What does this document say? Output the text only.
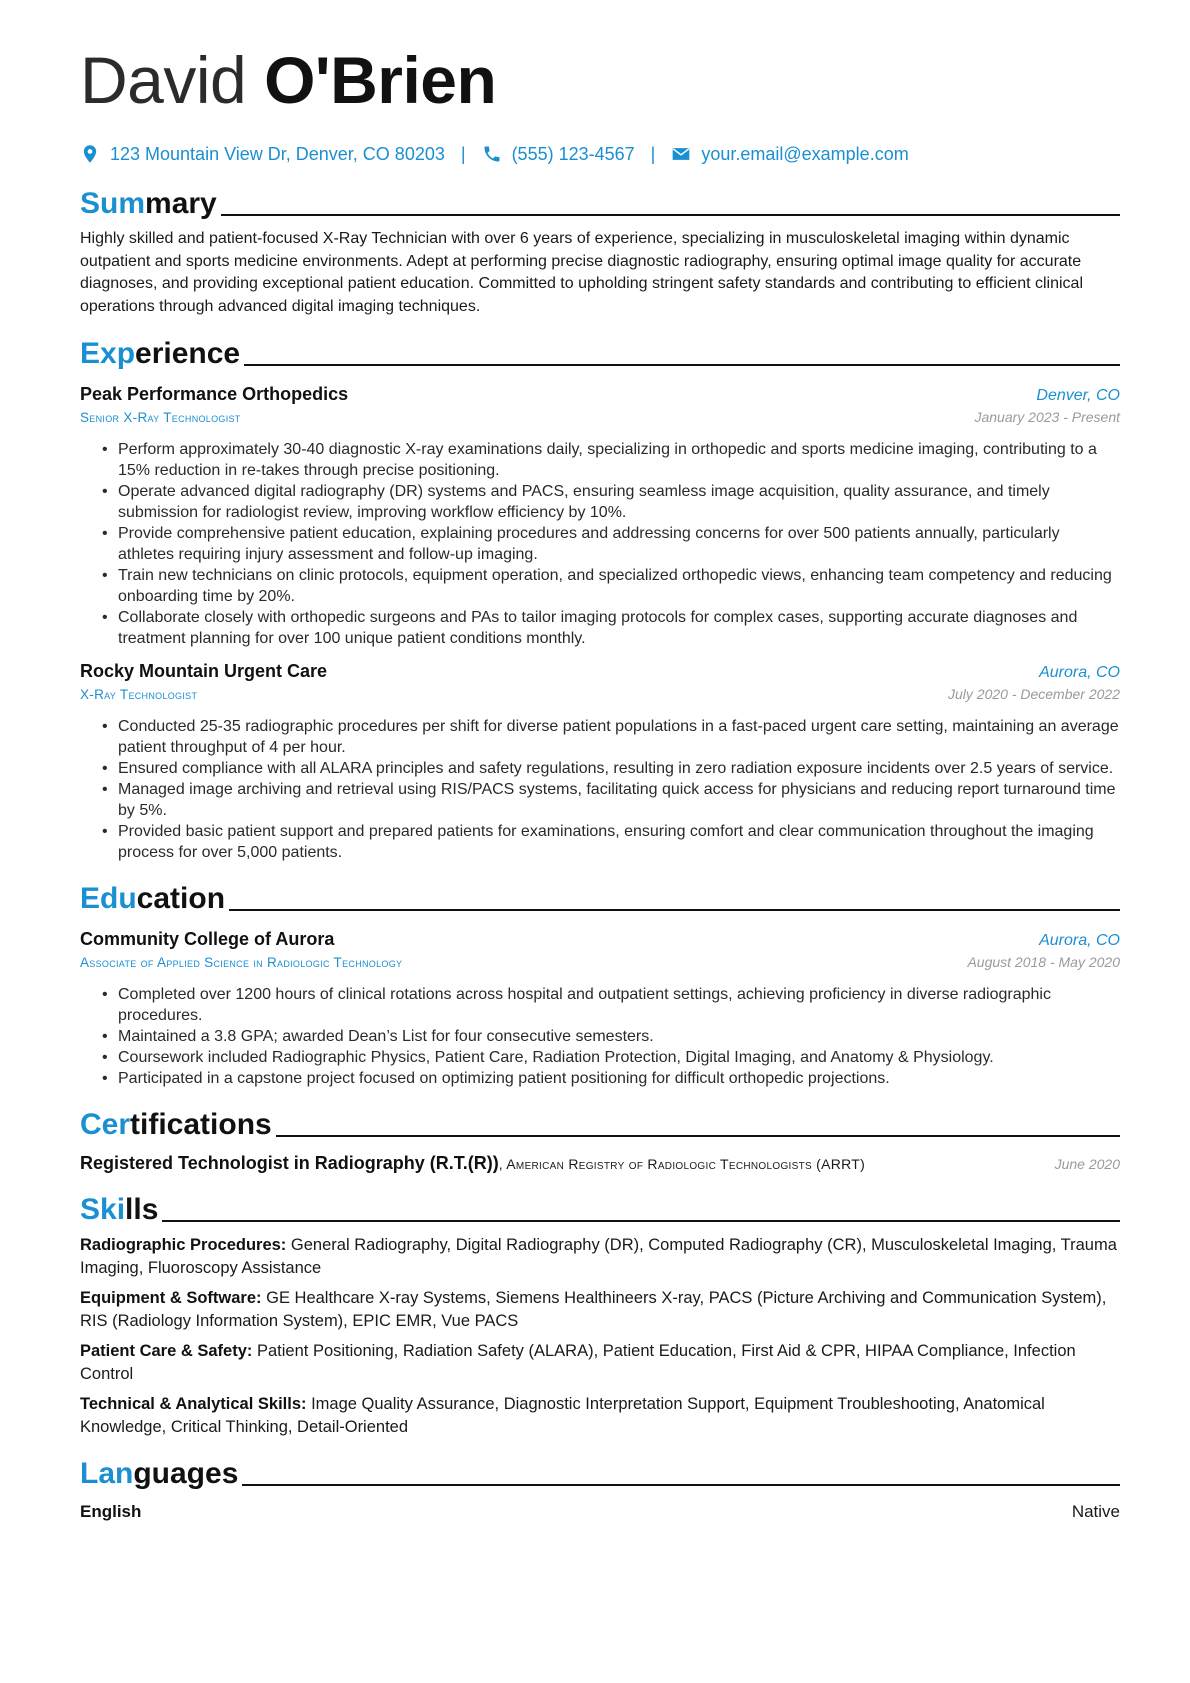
David O'Brien
123 Mountain View Dr, Denver, CO 80203 |	(555) 123-4567 |	your.email@example.com
Summary

Highly skilled and patient-focused X-Ray Technician with over 6 years of experience, specializing in musculoskeletal imaging within dynamic outpatient and sports medicine environments. Adept at performing precise diagnostic radiography, ensuring optimal image quality for accurate diagnoses, and providing exceptional patient education. Committed to upholding stringent safety standards and contributing to efficient clinical operations through advanced digital imaging techniques.

Experience
Peak Performance Orthopedics	Denver, CO
Senior X-Ray Technologist	January 2023 - Present
• Perform approximately 30-40 diagnostic X-ray examinations daily, specializing in orthopedic and sports medicine imaging, contributing to a 15% reduction in re-takes through precise positioning.
• Operate advanced digital radiography (DR) systems and PACS, ensuring seamless image acquisition, quality assurance, and timely submission for radiologist review, improving workflow efficiency by 10%.
• Provide comprehensive patient education, explaining procedures and addressing concerns for over 500 patients annually, particularly athletes requiring injury assessment and follow-up imaging.
• Train new technicians on clinic protocols, equipment operation, and specialized orthopedic views, enhancing team competency and reducing onboarding time by 20%.
• Collaborate closely with orthopedic surgeons and PAs to tailor imaging protocols for complex cases, supporting accurate diagnoses and treatment planning for over 100 unique patient conditions monthly.
Rocky Mountain Urgent Care	Aurora, CO
X-Ray Technologist	July 2020 - December 2022
• Conducted 25-35 radiographic procedures per shift for diverse patient populations in a fast-paced urgent care setting, maintaining an average patient throughput of 4 per hour.
• Ensured compliance with all ALARA principles and safety regulations, resulting in zero radiation exposure incidents over 2.5 years of service.
• Managed image archiving and retrieval using RIS/PACS systems, facilitating quick access for physicians and reducing report turnaround time by 5%.
• Provided basic patient support and prepared patients for examinations, ensuring comfort and clear communication throughout the imaging process for over 5,000 patients.
Education
Community College of Aurora	Aurora, CO
Associate of Applied Science in Radiologic Technology	August 2018 - May 2020
• Completed over 1200 hours of clinical rotations across hospital and outpatient settings, achieving proficiency in diverse radiographic procedures.
• Maintained a 3.8 GPA; awarded Dean’s List for four consecutive semesters.
• Coursework included Radiographic Physics, Patient Care, Radiation Protection, Digital Imaging, and Anatomy & Physiology.
• Participated in a capstone project focused on optimizing patient positioning for difficult orthopedic projections.
Certifications
Registered Technologist in Radiography (R.T.(R)), American Registry of Radiologic Technologists (ARRT)	June 2020
Skills

Radiographic Procedures: General Radiography, Digital Radiography (DR), Computed Radiography (CR), Musculoskeletal Imaging, Trauma Imaging, Fluoroscopy Assistance

Equipment & Software: GE Healthcare X-ray Systems, Siemens Healthineers X-ray, PACS (Picture Archiving and Communication System), RIS (Radiology Information System), EPIC EMR, Vue PACS

Patient Care & Safety: Patient Positioning, Radiation Safety (ALARA), Patient Education, First Aid & CPR, HIPAA Compliance, Infection Control

Technical & Analytical Skills: Image Quality Assurance, Diagnostic Interpretation Support, Equipment Troubleshooting, Anatomical Knowledge, Critical Thinking, Detail-Oriented

Languages
English	Native
